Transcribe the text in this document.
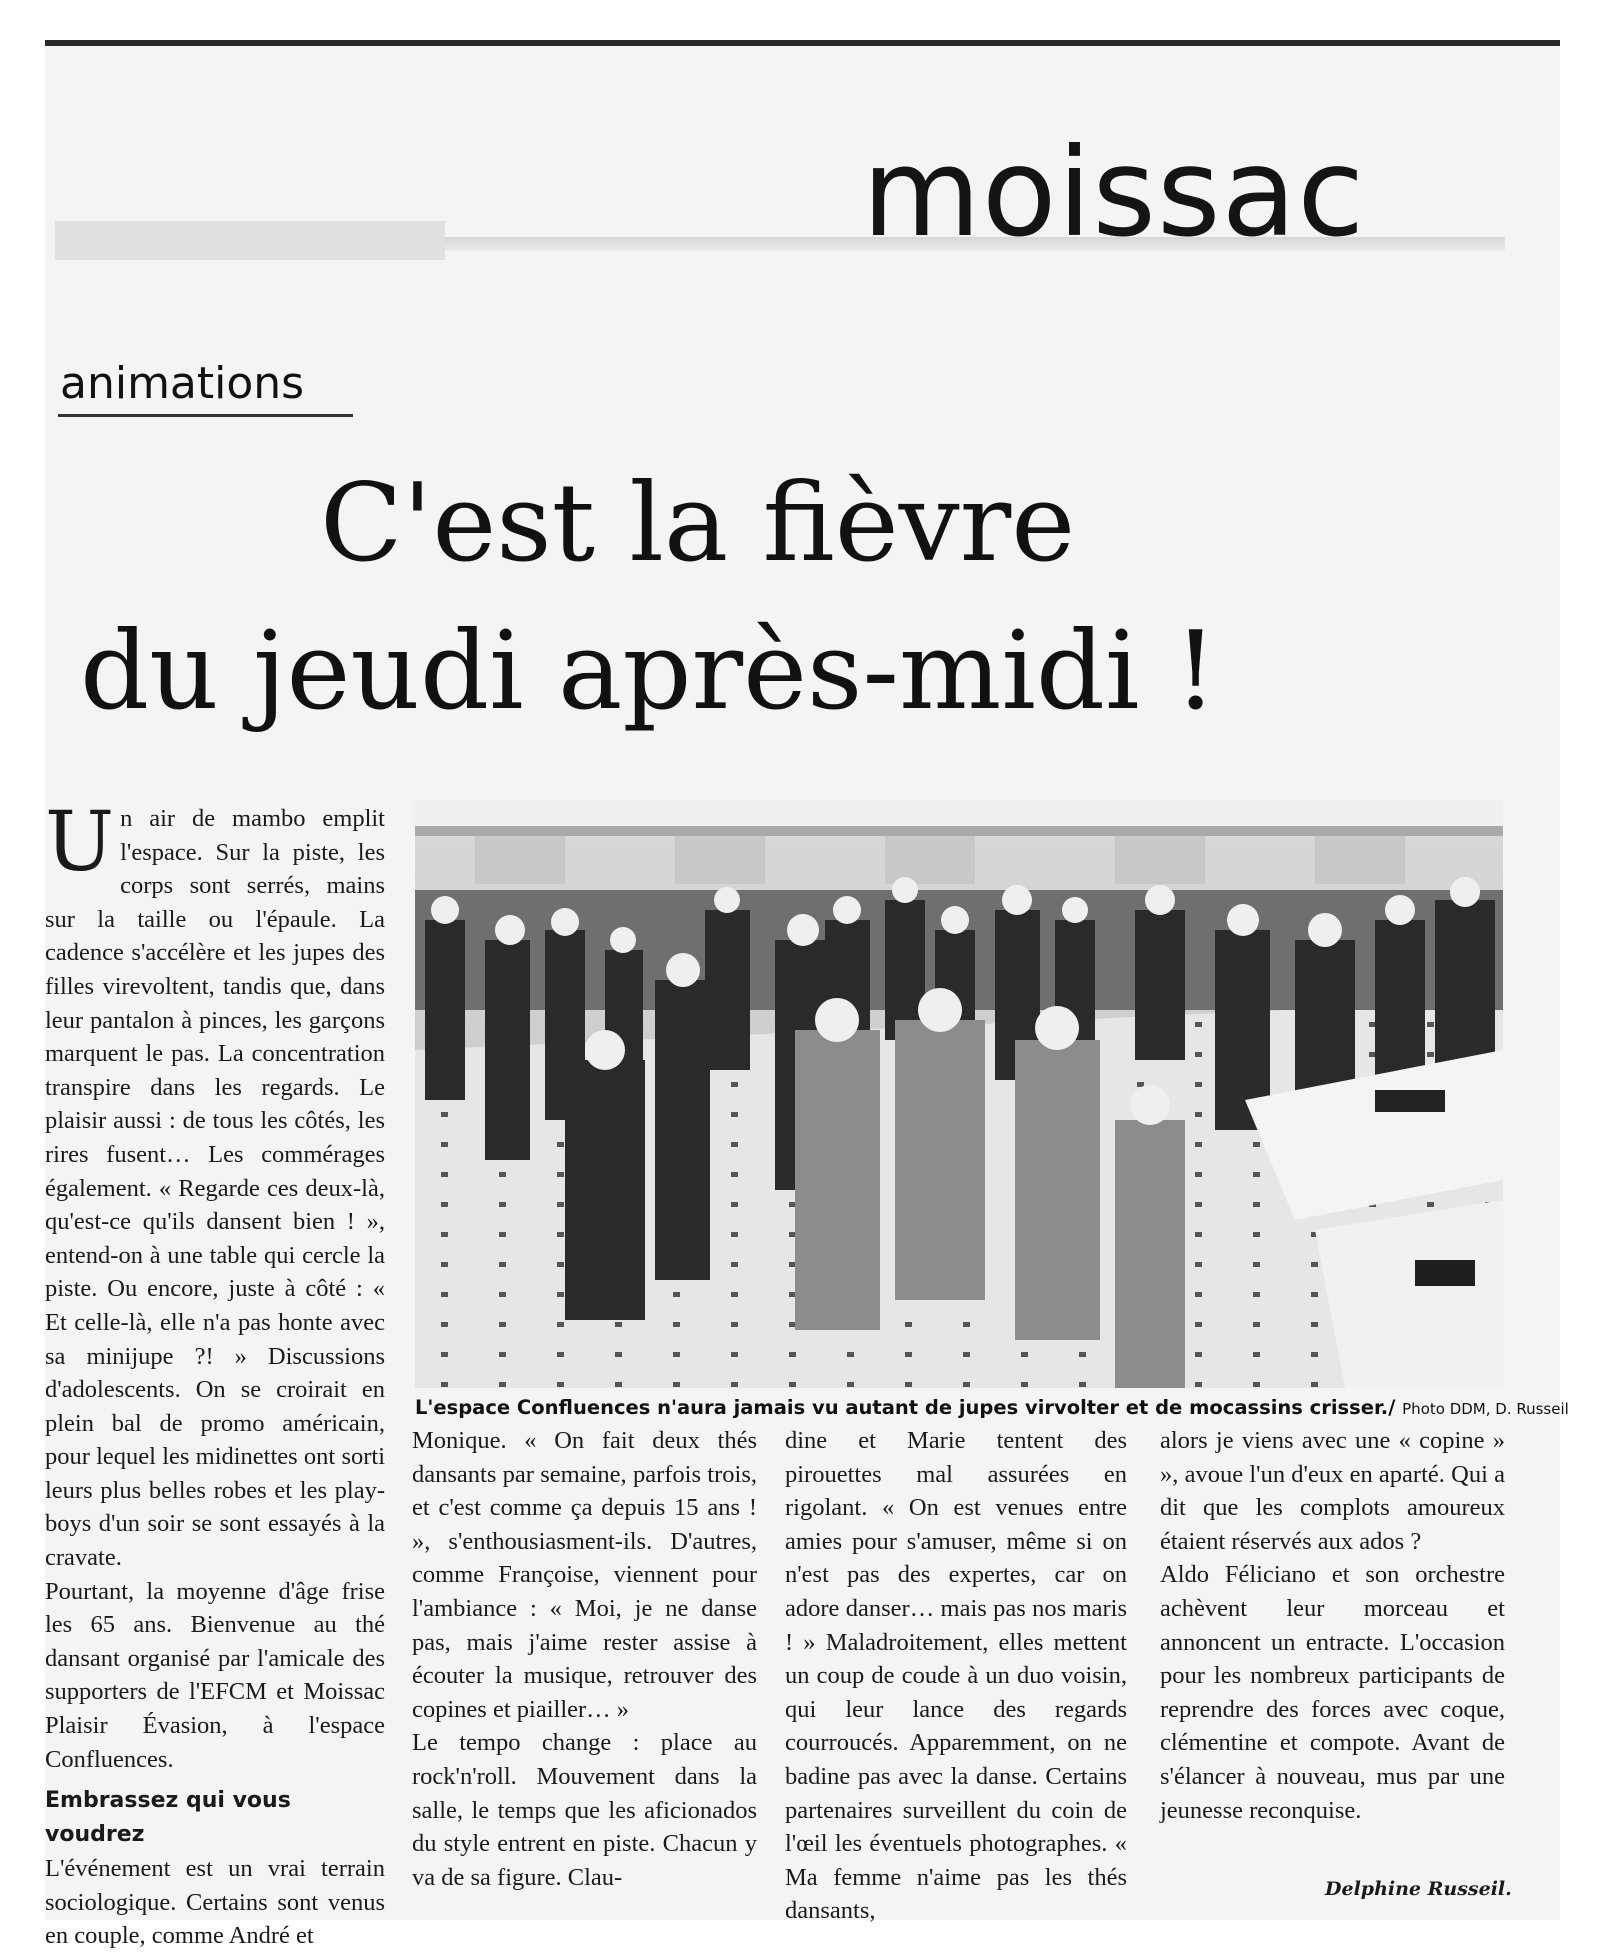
▬▬▬	moissac
animations
C'est la fièvre
du jeudi après-midi !
L'espace Confluences n'aura jamais vu autant de jupes virvolter et de mocassins crisser./ Photo DDM, D. Russeil
U n air de mambo emplit l'espace. Sur la piste, les corps sont serrés, mains sur la taille ou l'épaule. La cadence s'accélère et les jupes des filles virevoltent, tandis que, dans leur pantalon à pinces, les garçons marquent le pas. La concentration transpire dans les regards. Le plaisir aussi : de tous les côtés, les rires fusent… Les commérages également. « Regarde ces deux-là, qu'est-ce qu'ils dansent bien ! », entend-on à une table qui cercle la piste. Ou encore, juste à côté : « Et celle-là, elle n'a pas honte avec sa minijupe ?! » Discussions d'adolescents. On se croirait en plein bal de promo américain, pour lequel les midinettes ont sorti leurs plus belles robes et les play-boys d'un soir se sont essayés à la cravate.

Pourtant, la moyenne d'âge frise les 65 ans. Bienvenue au thé dansant organisé par l'amicale des supporters de l'EFCM et Moissac Plaisir Évasion, à l'espace Confluences.

Embrassez qui vous voudrez

L'événement est un vrai terrain sociologique. Certains sont venus en couple, comme André et

Monique. « On fait deux thés dansants par semaine, parfois trois, et c'est comme ça depuis 15 ans ! », s'enthousiasment-ils. D'autres, comme Françoise, viennent pour l'ambiance : « Moi, je ne danse pas, mais j'aime rester assise à écouter la musique, retrouver des copines et piailler… »

Le tempo change : place au rock'n'roll. Mouvement dans la salle, le temps que les aficionados du style entrent en piste. Chacun y va de sa figure. Clau-

dine et Marie tentent des pirouettes mal assurées en rigolant. « On est venues entre amies pour s'amuser, même si on n'est pas des expertes, car on adore danser… mais pas nos maris ! » Maladroitement, elles mettent un coup de coude à un duo voisin, qui leur lance des regards courroucés. Apparemment, on ne badine pas avec la danse. Certains partenaires surveillent du coin de l'œil les éventuels photographes. « Ma femme n'aime pas les thés dansants,

alors je viens avec une « copine » », avoue l'un d'eux en aparté. Qui a dit que les complots amoureux étaient réservés aux ados ?

Aldo Féliciano et son orchestre achèvent leur morceau et annoncent un entracte. L'occasion pour les nombreux participants de reprendre des forces avec coque, clémentine et compote. Avant de s'élancer à nouveau, mus par une jeunesse reconquise.

Delphine Russeil.
